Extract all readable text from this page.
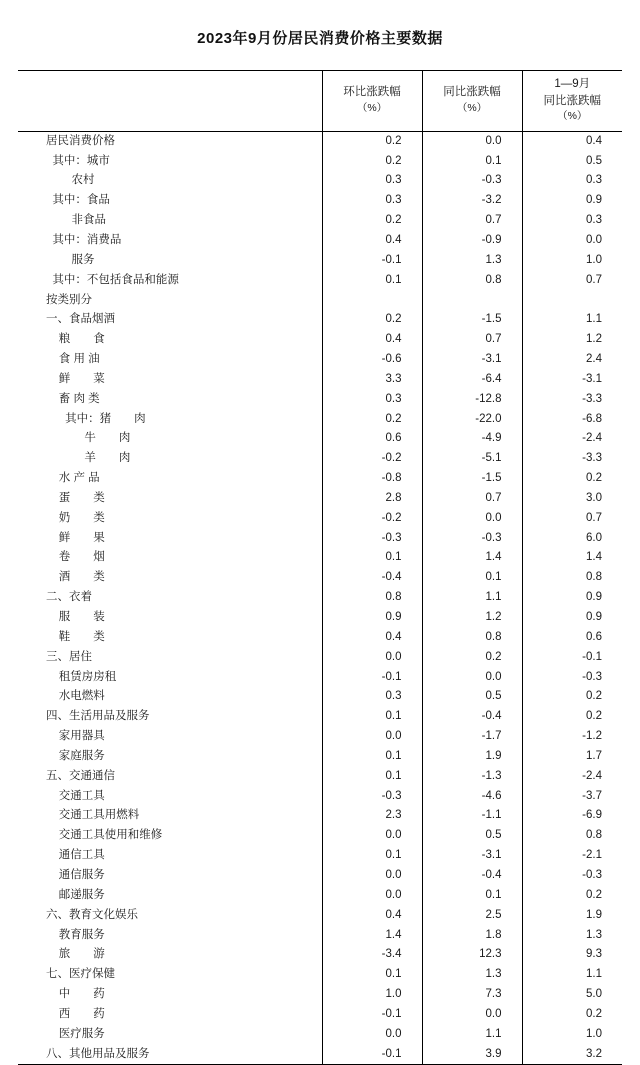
2023年9月份居民消费价格主要数据

	环比涨跌幅
（%）	同比涨跌幅
（%）	1—9月
同比涨跌幅
（%）

居民消费价格	0.2	0.0	0.4
其中：城市	0.2	0.1	0.5
农村	0.3	-0.3	0.3
其中：食品	0.3	-3.2	0.9
非食品	0.2	0.7	0.3
其中：消费品	0.4	-0.9	0.0
服务	-0.1	1.3	1.0
其中：不包括食品和能源	0.1	0.8	0.7
按类别分			
一、食品烟酒	0.2	-1.5	1.1
粮　　食	0.4	0.7	1.2
食 用 油	-0.6	-3.1	2.4
鲜　　菜	3.3	-6.4	-3.1
畜 肉 类	0.3	-12.8	-3.3
其中：猪　　肉	0.2	-22.0	-6.8
牛　　肉	0.6	-4.9	-2.4
羊　　肉	-0.2	-5.1	-3.3
水 产 品	-0.8	-1.5	0.2
蛋　　类	2.8	0.7	3.0
奶　　类	-0.2	0.0	0.7
鲜　　果	-0.3	-0.3	6.0
卷　　烟	0.1	1.4	1.4
酒　　类	-0.4	0.1	0.8
二、衣着	0.8	1.1	0.9
服　　装	0.9	1.2	0.9
鞋　　类	0.4	0.8	0.6
三、居住	0.0	0.2	-0.1
租赁房房租	-0.1	0.0	-0.3
水电燃料	0.3	0.5	0.2
四、生活用品及服务	0.1	-0.4	0.2
家用器具	0.0	-1.7	-1.2
家庭服务	0.1	1.9	1.7
五、交通通信	0.1	-1.3	-2.4
交通工具	-0.3	-4.6	-3.7
交通工具用燃料	2.3	-1.1	-6.9
交通工具使用和维修	0.0	0.5	0.8
通信工具	0.1	-3.1	-2.1
通信服务	0.0	-0.4	-0.3
邮递服务	0.0	0.1	0.2
六、教育文化娱乐	0.4	2.5	1.9
教育服务	1.4	1.8	1.3
旅　　游	-3.4	12.3	9.3
七、医疗保健	0.1	1.3	1.1
中　　药	1.0	7.3	5.0
西　　药	-0.1	0.0	0.2
医疗服务	0.0	1.1	1.0
八、其他用品及服务	-0.1	3.9	3.2
